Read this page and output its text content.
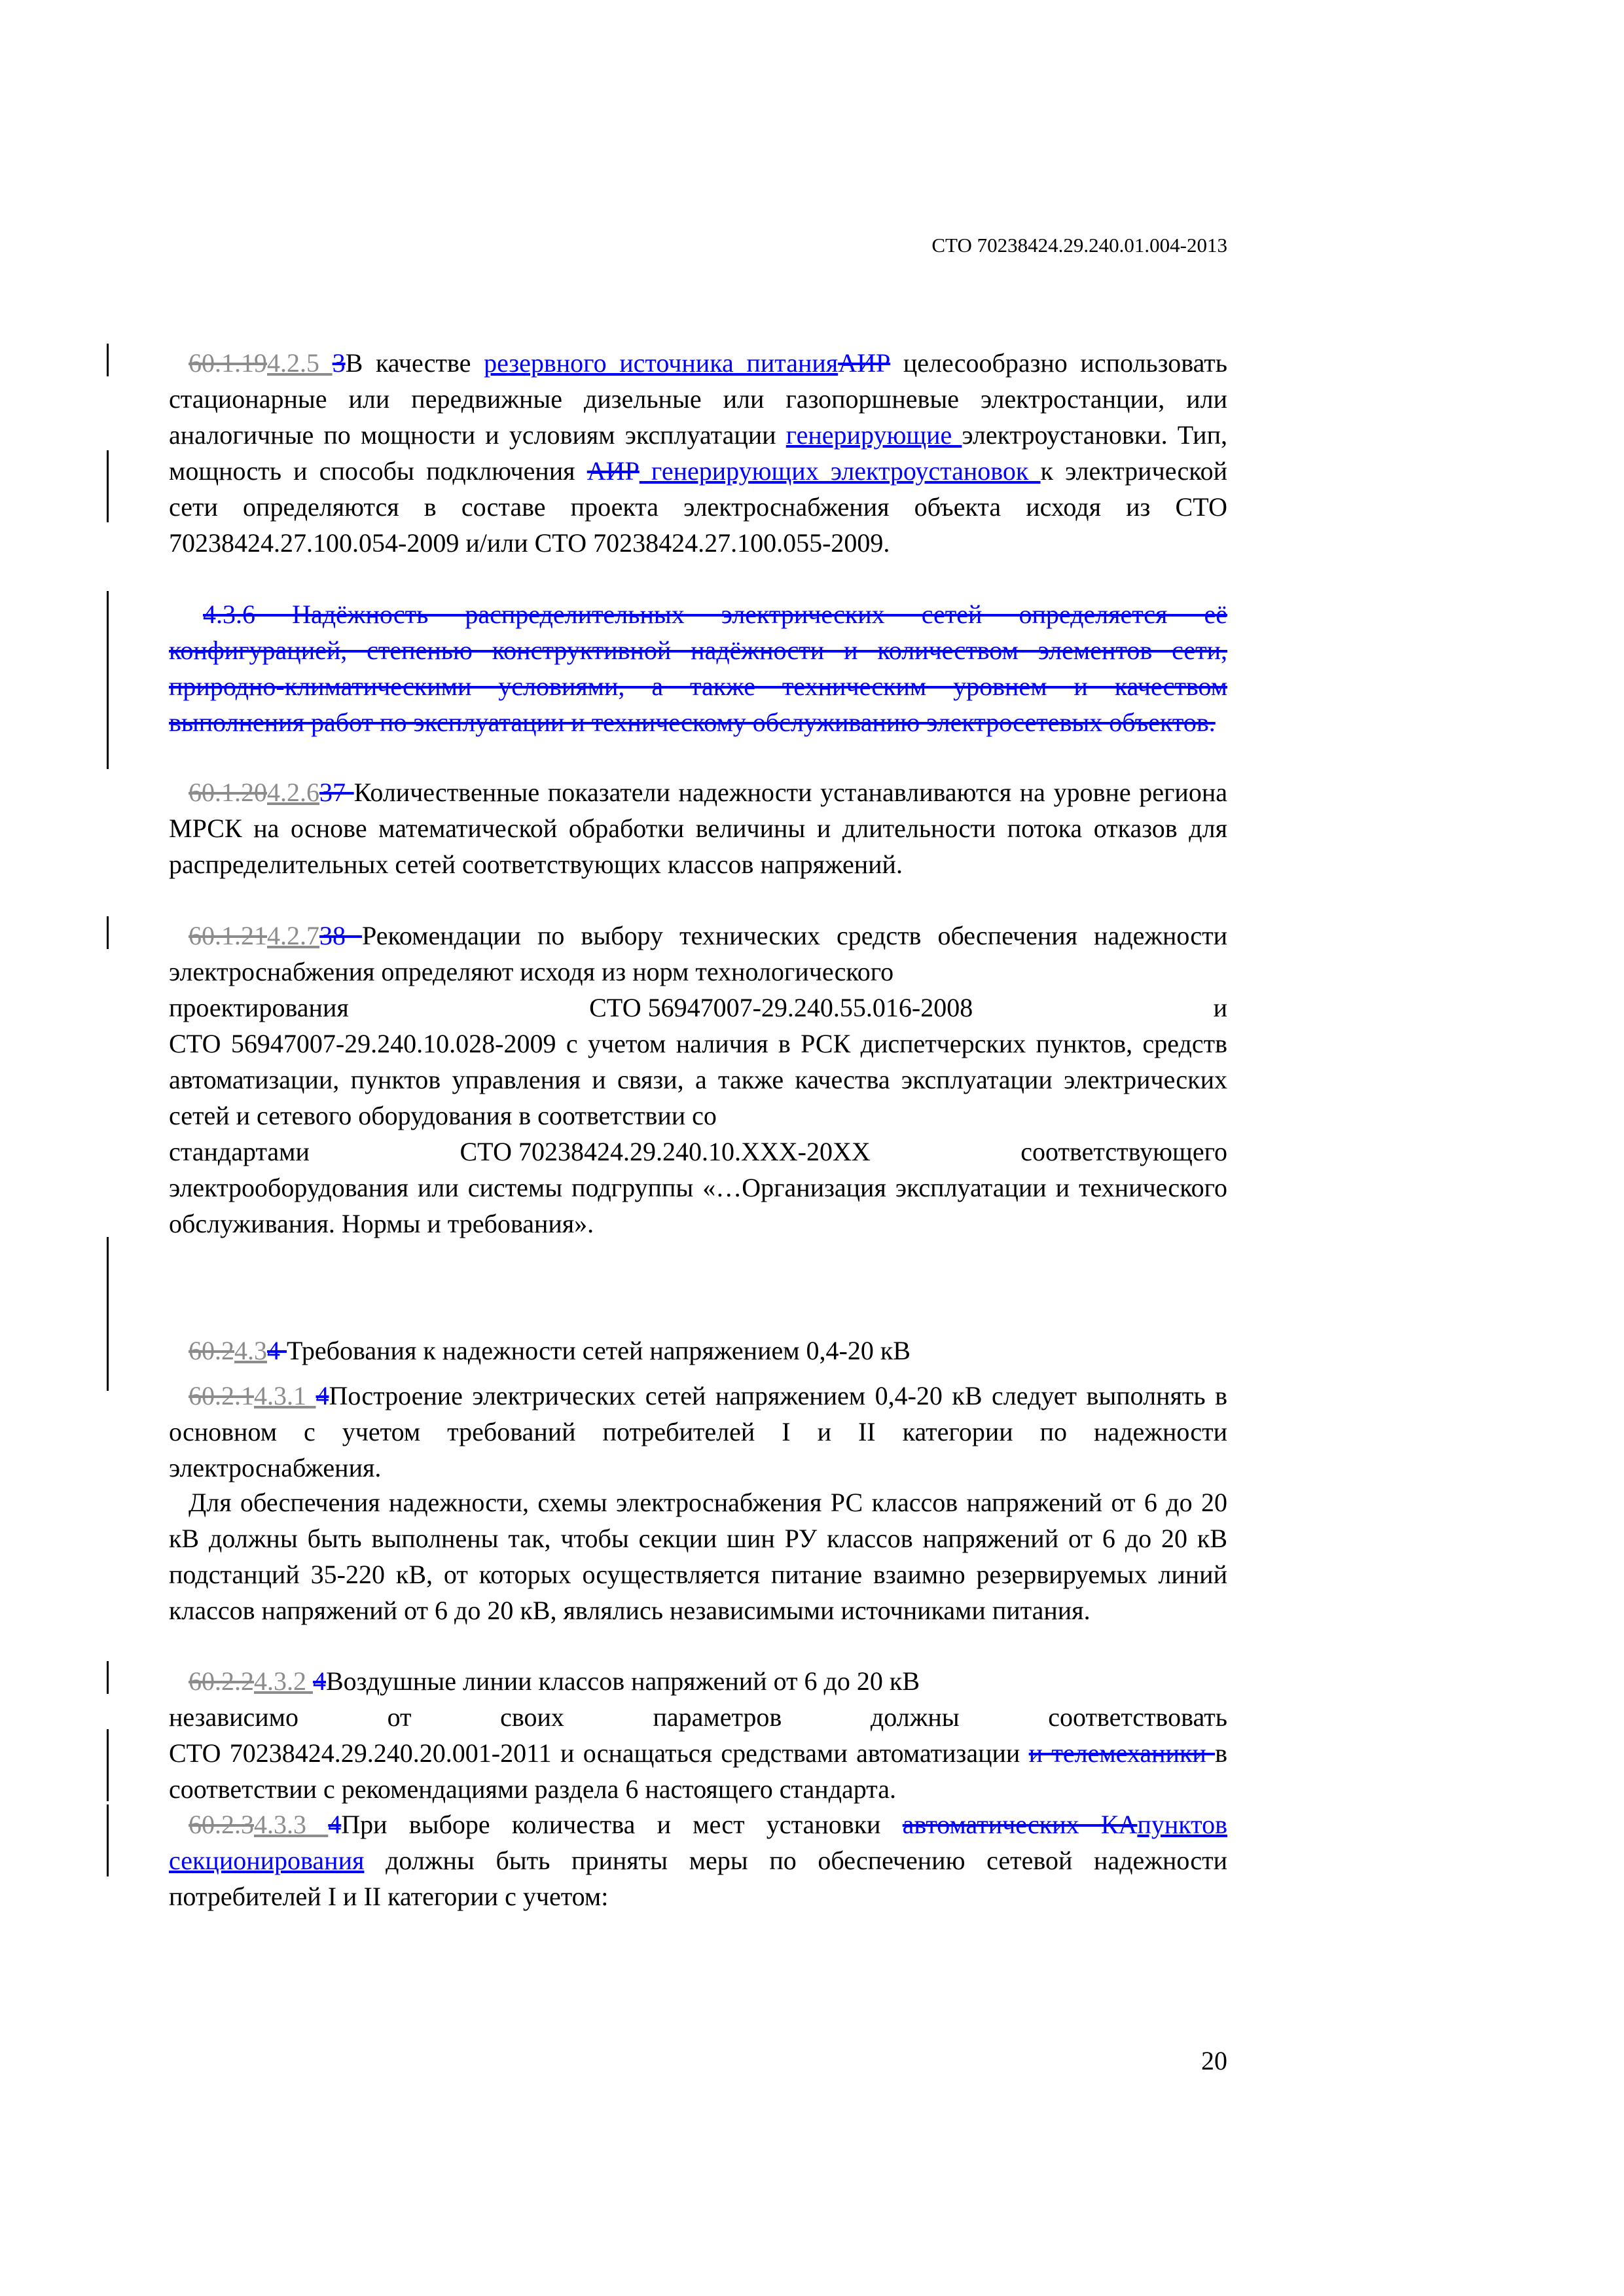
СТО 70238424.29.240.01.004-2013
60.1.194.2.5 3В качестве резервного источника питанияАИР целесообразно использовать стационарные или передвижные дизельные или газопоршневые электростанции, или аналогичные по мощности и условиям эксплуатации генерирующие электроустановки. Тип, мощность и способы подключения АИР генерирующих электроустановок к электрической сети определяются в составе проекта электроснабжения объекта исходя из СТО 70238424.27.100.054-2009 и/или СТО 70238424.27.100.055-2009.
4.3.6 Надёжность распределительных электрических сетей определяется её конфигурацией, степенью конструктивной надёжности и количеством элементов сети, природно-климатическими условиями, а также техническим уровнем и качеством выполнения работ по эксплуатации и техническому обслуживанию электросетевых объектов.
60.1.204.2.637 Количественные показатели надежности устанавливаются на уровне региона МРСК на основе математической обработки величины и длительности потока отказов для распределительных сетей соответствующих классов напряжений.
60.1.214.2.738 Рекомендации по выбору технических средств обеспечения надежности электроснабжения определяют исходя из норм технологического
проектирования	СТО 56947007-29.240.55.016-2008	и
СТО 56947007-29.240.10.028-2009 с учетом наличия в РСК диспетчерских пунктов, средств автоматизации, пунктов управления и связи, а также качества эксплуатации электрических сетей и сетевого оборудования в соответствии со
стандартами	СТО 70238424.29.240.10.XXX-20XX	соответствующего
электрооборудования или системы подгруппы «…Организация эксплуатации и технического обслуживания. Нормы и требования».
60.24.34 Требования к надежности сетей напряжением 0,4-20 кВ
60.2.14.3.1 4Построение электрических сетей напряжением 0,4-20 кВ следует выполнять в основном с учетом требований потребителей I и II категории по надежности электроснабжения.
Для обеспечения надежности, схемы электроснабжения РС классов напряжений от 6 до 20 кВ должны быть выполнены так, чтобы секции шин РУ классов напряжений от 6 до 20 кВ подстанций 35-220 кВ, от которых осуществляется питание взаимно резервируемых линий классов напряжений от 6 до 20 кВ, являлись независимыми источниками питания.
60.2.24.3.2 4Воздушные линии классов напряжений от 6 до 20 кВ
независимо	от	своих	параметров	должны	соответствовать
СТО 70238424.29.240.20.001-2011 и оснащаться средствами автоматизации и телемеханики в соответствии с рекомендациями раздела 6 настоящего стандарта.
60.2.34.3.3 4При выборе количества и мест установки автоматических КАпунктов секционирования должны быть приняты меры по обеспечению сетевой надежности потребителей I и II категории с учетом:
20
